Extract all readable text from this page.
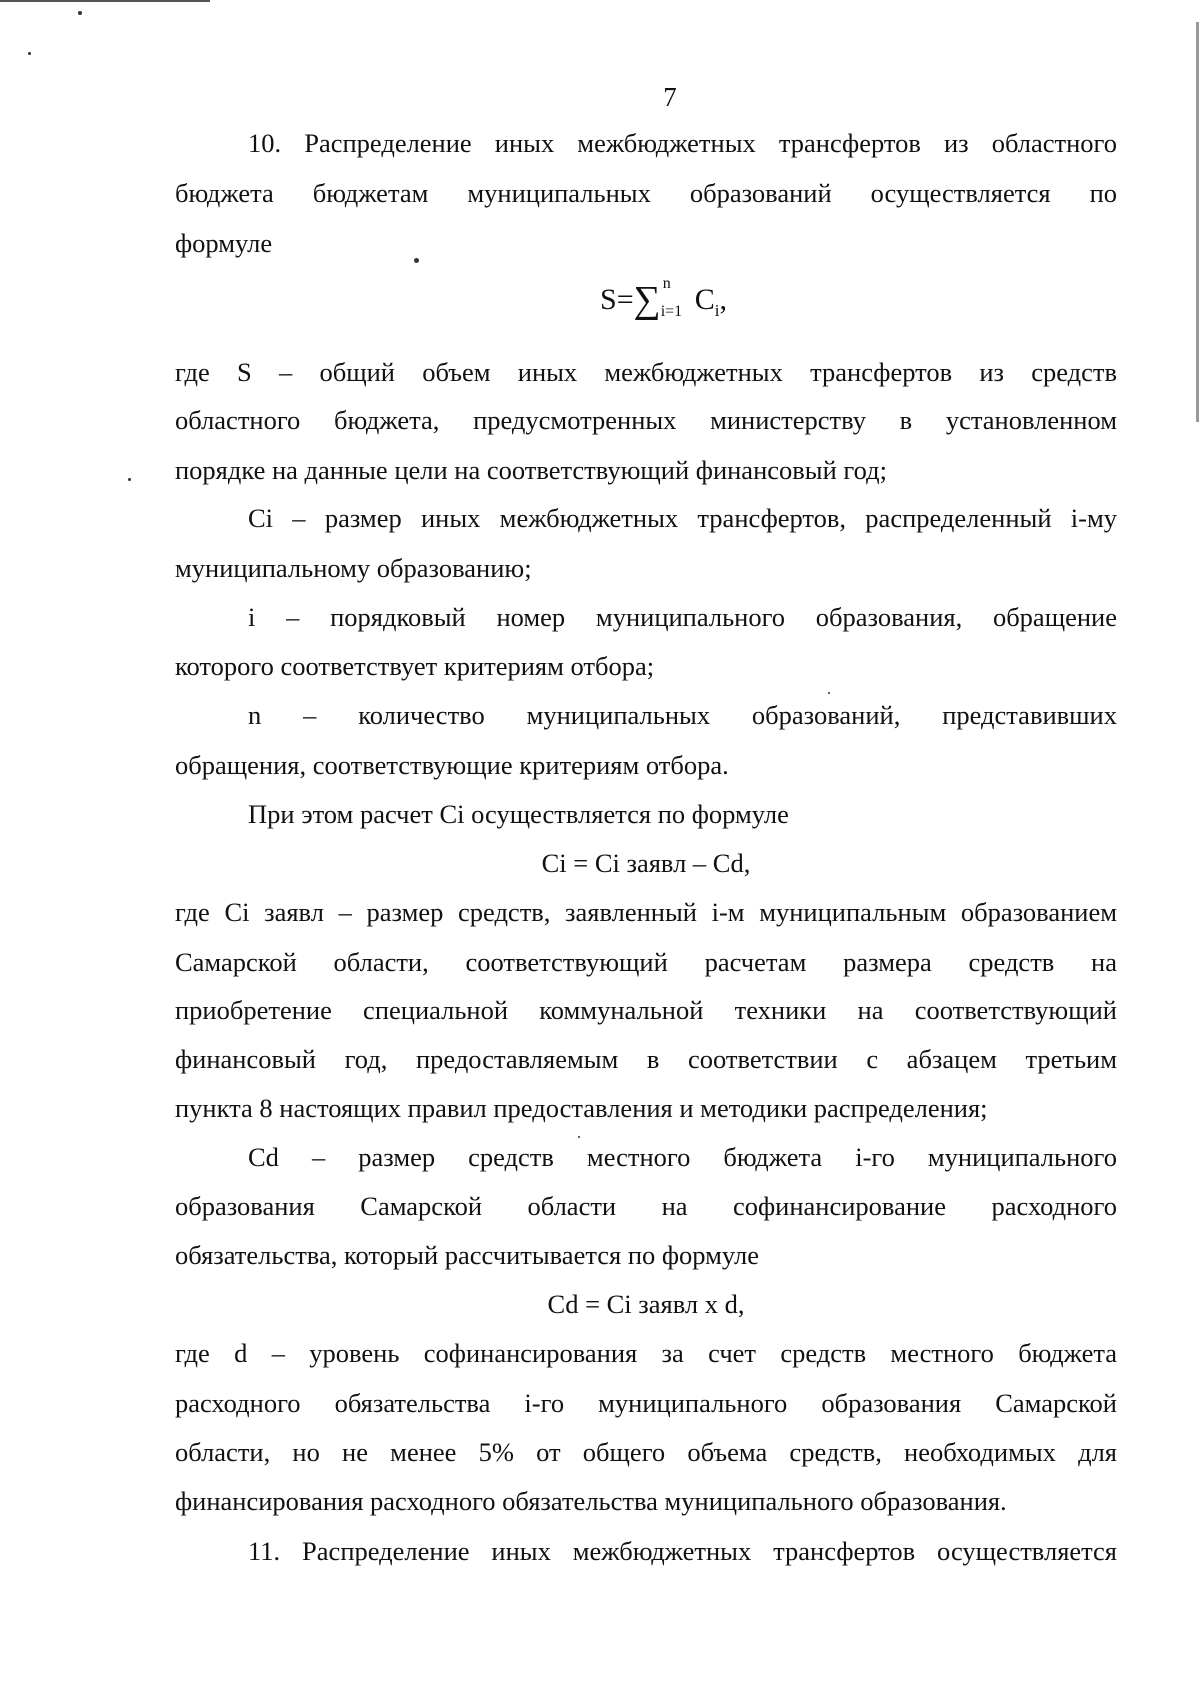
7
10. Распределение иных межбюджетных трансфертов из областного
бюджета бюджетам муниципальных образований осуществляется по
формуле
S=∑ n
i=1 $C_i$,
где S – общий объем иных межбюджетных трансфертов из средств
областного бюджета, предусмотренных министерству в установленном
порядке на данные цели на соответствующий финансовый год;
Ci – размер иных межбюджетных трансфертов, распределенный i-му
муниципальному образованию;
i – порядковый номер муниципального образования, обращение
которого соответствует критериям отбора;
n – количество муниципальных образований, представивших
обращения, соответствующие критериям отбора.
При этом расчет Ci осуществляется по формуле
Ci = Ci заявл – Cd,
где Ci заявл – размер средств, заявленный i-м муниципальным образованием
Самарской области, соответствующий расчетам размера средств на
приобретение специальной коммунальной техники на соответствующий
финансовый год, предоставляемым в соответствии с абзацем третьим
пункта 8 настоящих правил предоставления и методики распределения;
Cd – размер средств местного бюджета i-го муниципального
образования Самарской области на софинансирование расходного
обязательства, который рассчитывается по формуле
Cd = Ci заявл x d,
где d – уровень софинансирования за счет средств местного бюджета
расходного обязательства i-го муниципального образования Самарской
области, но не менее 5% от общего объема средств, необходимых для
финансирования расходного обязательства муниципального образования.
11. Распределение иных межбюджетных трансфертов осуществляется
